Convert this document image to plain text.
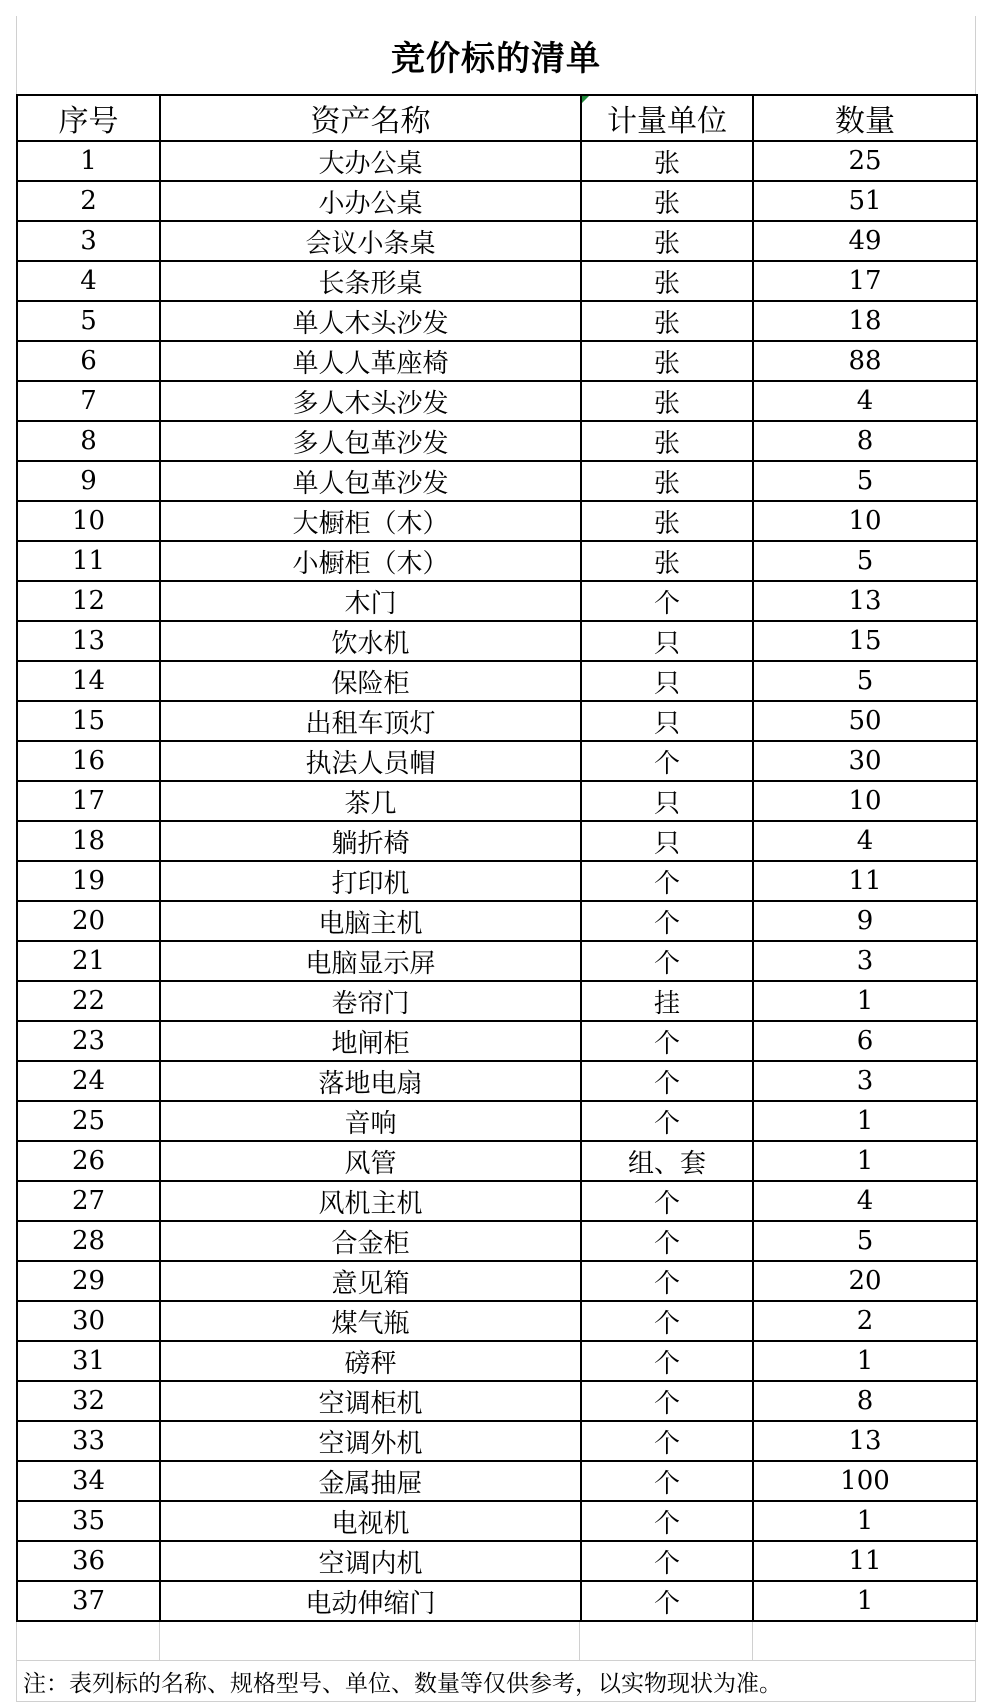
竞价标的清单
序号	资产名称	计量单位	数量
1	大办公桌	张	25
2	小办公桌	张	51
3	会议小条桌	张	49
4	长条形桌	张	17
5	单人木头沙发	张	18
6	单人人革座椅	张	88
7	多人木头沙发	张	4
8	多人包革沙发	张	8
9	单人包革沙发	张	5
10	大橱柜（木）	张	10
11	小橱柜（木）	张	5
12	木门	个	13
13	饮水机	只	15
14	保险柜	只	5
15	出租车顶灯	只	50
16	执法人员帽	个	30
17	茶几	只	10
18	躺折椅	只	4
19	打印机	个	11
20	电脑主机	个	9
21	电脑显示屏	个	3
22	卷帘门	挂	1
23	地闸柜	个	6
24	落地电扇	个	3
25	音响	个	1
26	风管	组、套	1
27	风机主机	个	4
28	合金柜	个	5
29	意见箱	个	20
30	煤气瓶	个	2
31	磅秤	个	1
32	空调柜机	个	8
33	空调外机	个	13
34	金属抽屉	个	100
35	电视机	个	1
36	空调内机	个	11
37	电动伸缩门	个	1
注：表列标的名称、规格型号、单位、数量等仅供参考，以实物现状为准。
